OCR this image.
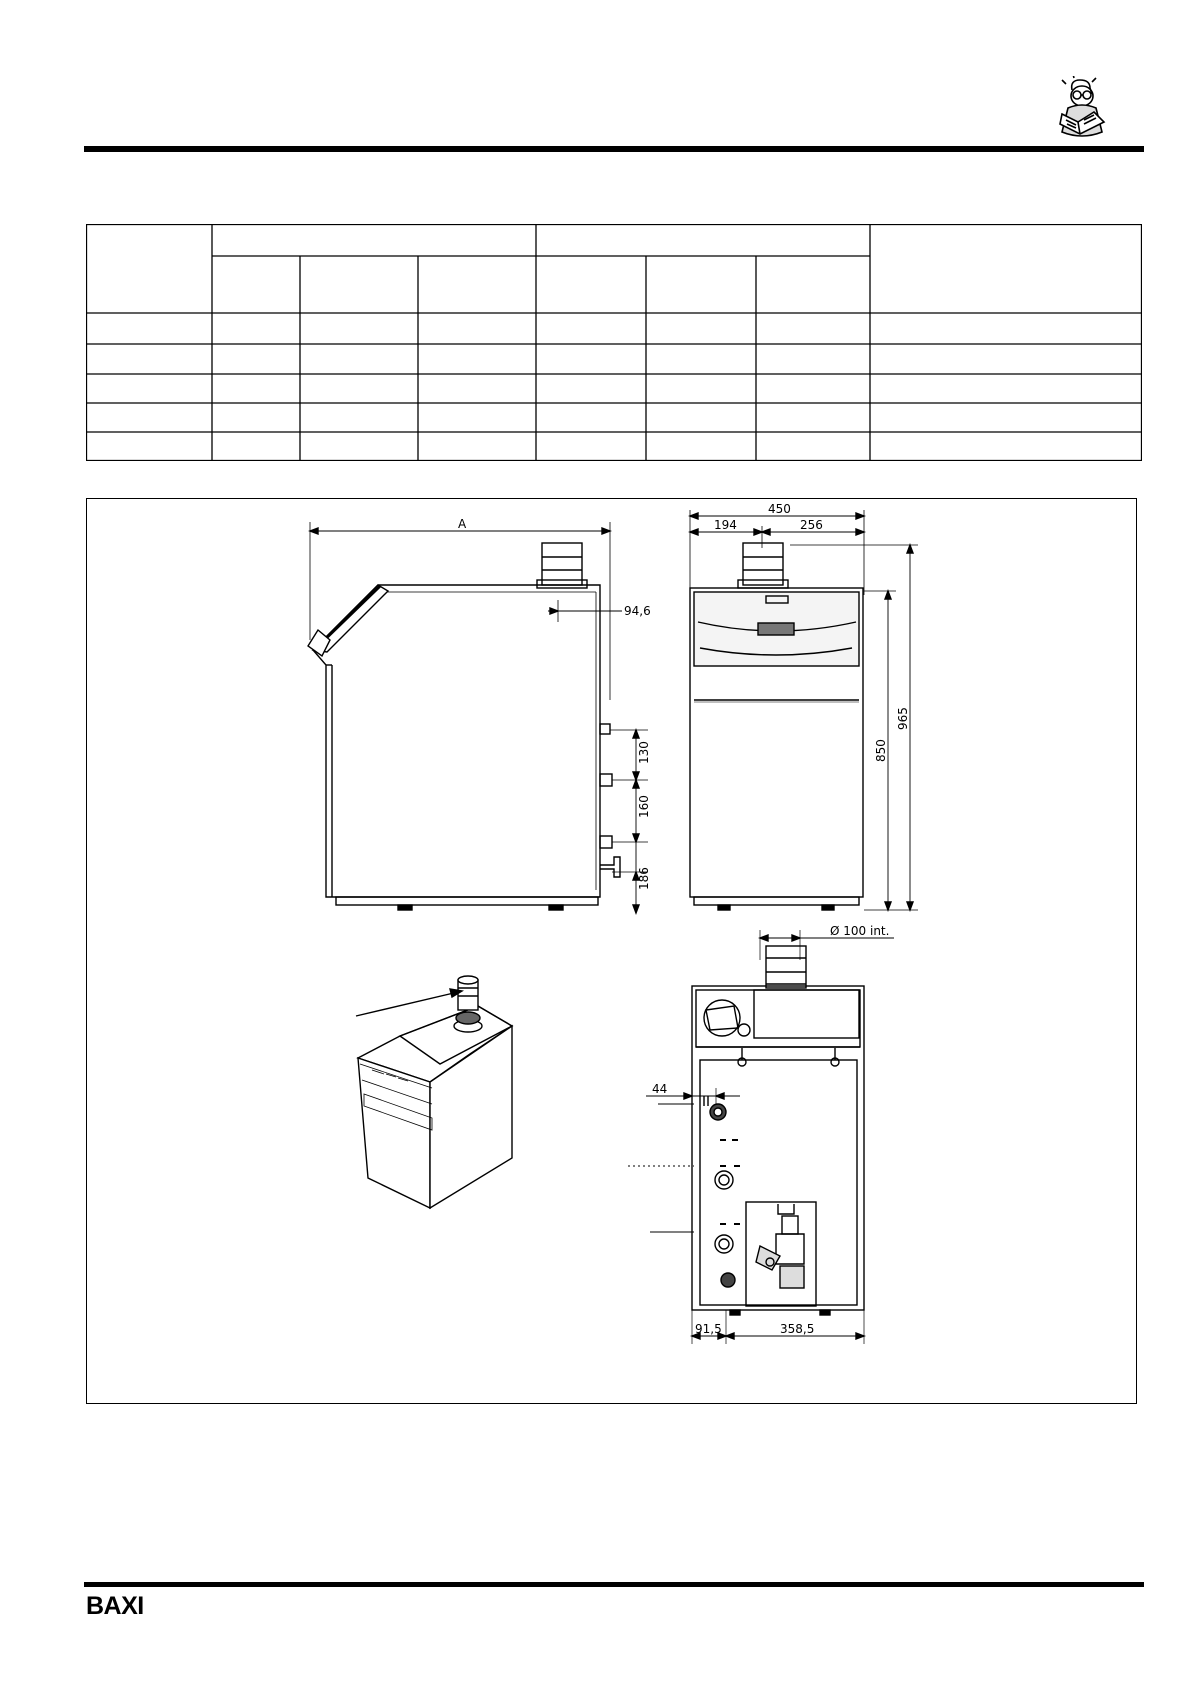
A
94,6
130
160
186
450
194	256
850
965
Ø 100 int.
44
91,5	358,5
BAXI
